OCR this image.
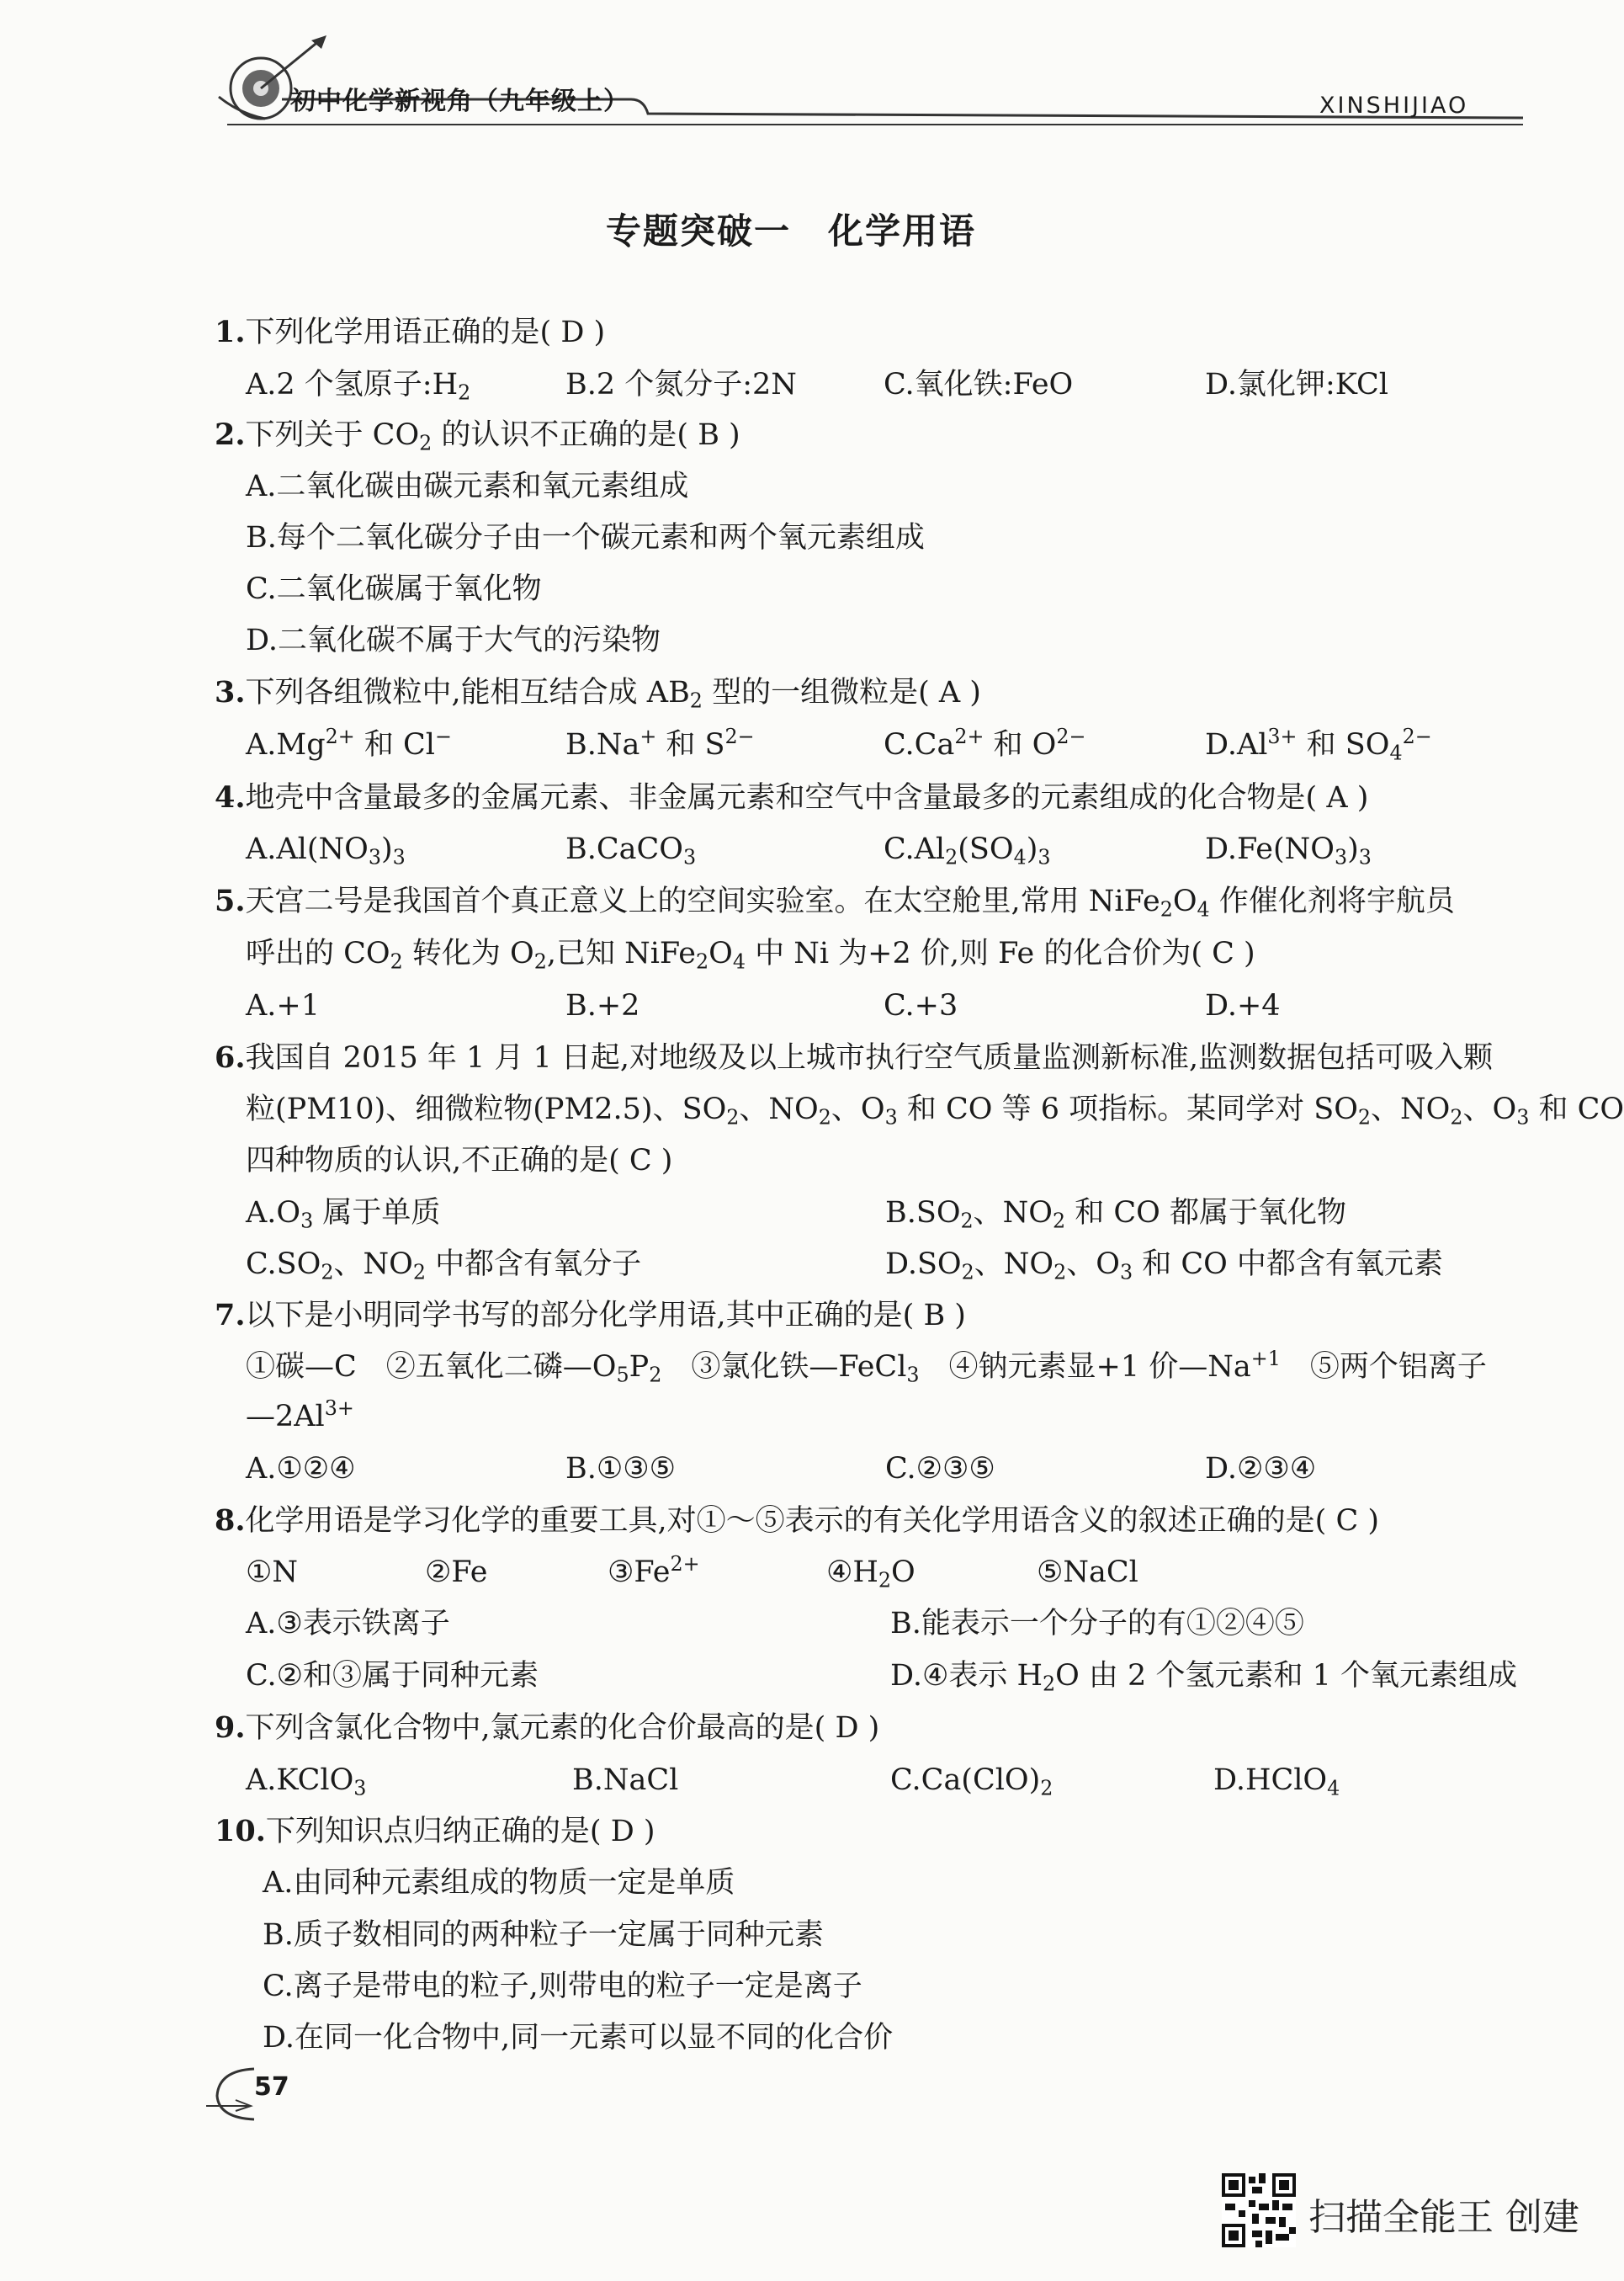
初中化学新视角（九年级上）	XINSHIJIAO
专题突破一　化学用语
1.下列化学用语正确的是( D )
A.2 个氢原子$:H_2$	B.2 个氮分子:2N	C.氧化铁:FeO	D.氯化钾:KCl
2.下列关于 $CO_2$ 的认识不正确的是( B )
A.二氧化碳由碳元素和氧元素组成
B.每个二氧化碳分子由一个碳元素和两个氧元素组成
C.二氧化碳属于氧化物
D.二氧化碳不属于大气的污染物
3.下列各组微粒中,能相互结合成 $AB_2$ 型的一组微粒是( A )
$A.Mg^{2+}$ 和 Cl−	B.Na+ 和 $S^{2-}$	$C.Ca^{2+}$ 和 $O^{2-}$	$D.Al^{3+}$ 和 $SO_4^{2-}$
4.地壳中含量最多的金属元素、非金属元素和空气中含量最多的元素组成的化合物是( A )
$A.Al(NO_3)_3$	B.CaCO$_3$	$C.Al_2(SO_4)_3$	$D.Fe(NO_3)_3$
5.天宫二号是我国首个真正意义上的空间实验室。在太空舱里,常用 $NiFe_2O_4$ 作催化剂将宇航员
呼出的 $CO_2$ 转化为 $O_2$,已知 $NiFe_2O_4$ 中 Ni 为+2 价,则 Fe 的化合价为( C )
A.+1	B.+2	C.+3	D.+4
6.我国自 2015 年 1 月 1 日起,对地级及以上城市执行空气质量监测新标准,监测数据包括可吸入颗
粒(PM10)、细微粒物(PM2.5)、$SO_2$、$NO_2$、$O_3$ 和 CO 等 6 项指标。某同学对 $SO_2$、$NO_2$、$O_3$ 和 CO
四种物质的认识,不正确的是( C )
$A.O_3$ 属于单质	$B.SO_2$、$NO_2$ 和 CO 都属于氧化物
$C.SO_2$、$NO_2$ 中都含有氧分子	$D.SO_2$、$NO_2$、$O_3$ 和 CO 中都含有氧元素
7.以下是小明同学书写的部分化学用语,其中正确的是( B )
①碳—C　②五氧化二磷$—O_5P_2$　③氯化铁—FeCl$_3$　④钠元素显+1 价$—Na^{+1}$　⑤两个铝离子
$—2Al^{3+}$
A.①②④	B.①③⑤	C.②③⑤	D.②③④
8.化学用语是学习化学的重要工具,对①～⑤表示的有关化学用语含义的叙述正确的是( C )
①N	②Fe	$③Fe^{2+}$	$④H_2O$	⑤NaCl
A.③表示铁离子	B.能表示一个分子的有①②④⑤
C.②和③属于同种元素	D.④表示 $H_2O$ 由 2 个氢元素和 1 个氧元素组成
9.下列含氯化合物中,氯元素的化合价最高的是( D )
A.KClO$_3$	B.NaCl	$C.Ca(ClO)_2$	D.HClO$_4$
10.下列知识点归纳正确的是( D )
A.由同种元素组成的物质一定是单质
B.质子数相同的两种粒子一定属于同种元素
C.离子是带电的粒子,则带电的粒子一定是离子
D.在同一化合物中,同一元素可以显不同的化合价
57
扫描全能王 创建
